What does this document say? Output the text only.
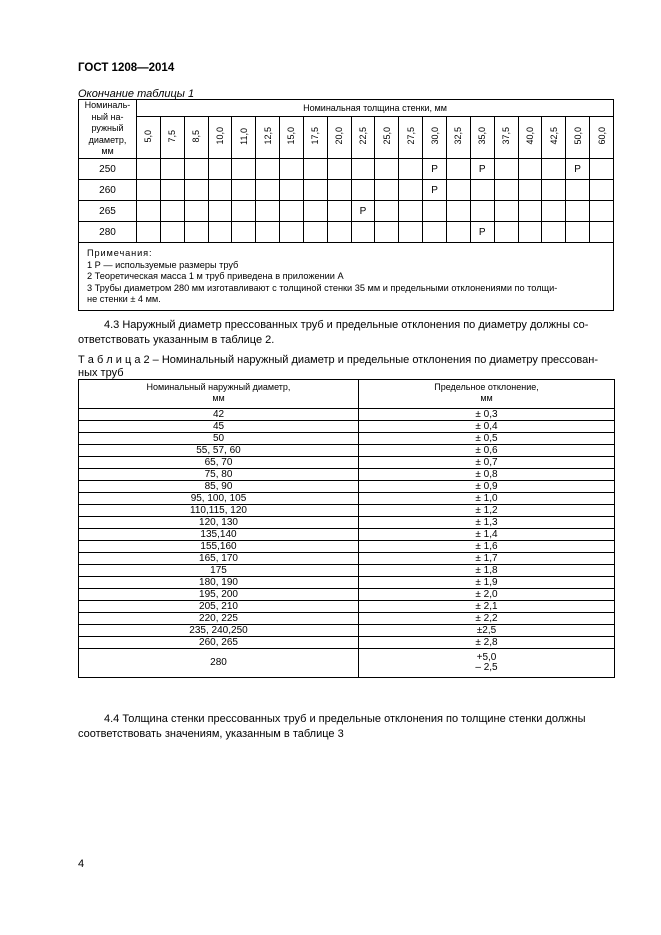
ГОСТ 1208—2014
Окончание таблицы 1
Номиналь-
ный на-
ружный
диаметр,
мм	Номинальная толщина стенки, мм																			
	5,0	7,5	8,5	10,0	11,0	12,5	15,0	17,5	20,0	22,5	25,0	27,5	30,0	32,5	35,0	37,5	40,0	42,5	50,0	60,0
250													Р		Р				Р	
260													Р							
265										Р										
280															Р					

Примечания:
1 Р — используемые размеры труб
2 Теоретическая масса 1 м труб приведена в приложении А
3 Трубы диаметром 280 мм изготавливают с толщиной стенки 35 мм и предельными отклонениями по толщи-
не стенки ± 4 мм.																				
4.3 Наружный диаметр прессованных труб и предельные отклонения по диаметру должны со-
ответствовать указанным в таблице 2.
Т а б л и ц а 2 – Номинальный наружный диаметр и предельные отклонения по диаметру прессован-
ных труб
Номинальный наружный диаметр,
мм	Предельное отклонение,
мм
42	± 0,3
45	± 0,4
50	± 0,5
55, 57, 60	± 0,6
65, 70	± 0,7
75, 80	± 0,8
85, 90	± 0,9
95, 100, 105	± 1,0
110,115, 120	± 1,2
120, 130	± 1,3
135,140	± 1,4
155,160	± 1,6
165, 170	± 1,7
175	± 1,8
180, 190	± 1,9
195, 200	± 2,0
205, 210	± 2,1
220, 225	± 2,2
235, 240,250	±2,5
260, 265	± 2,8
280	+5,0
– 2,5
4.4 Толщина стенки прессованных труб и предельные отклонения по толщине стенки должны
соответствовать значениям, указанным в таблице 3
4
